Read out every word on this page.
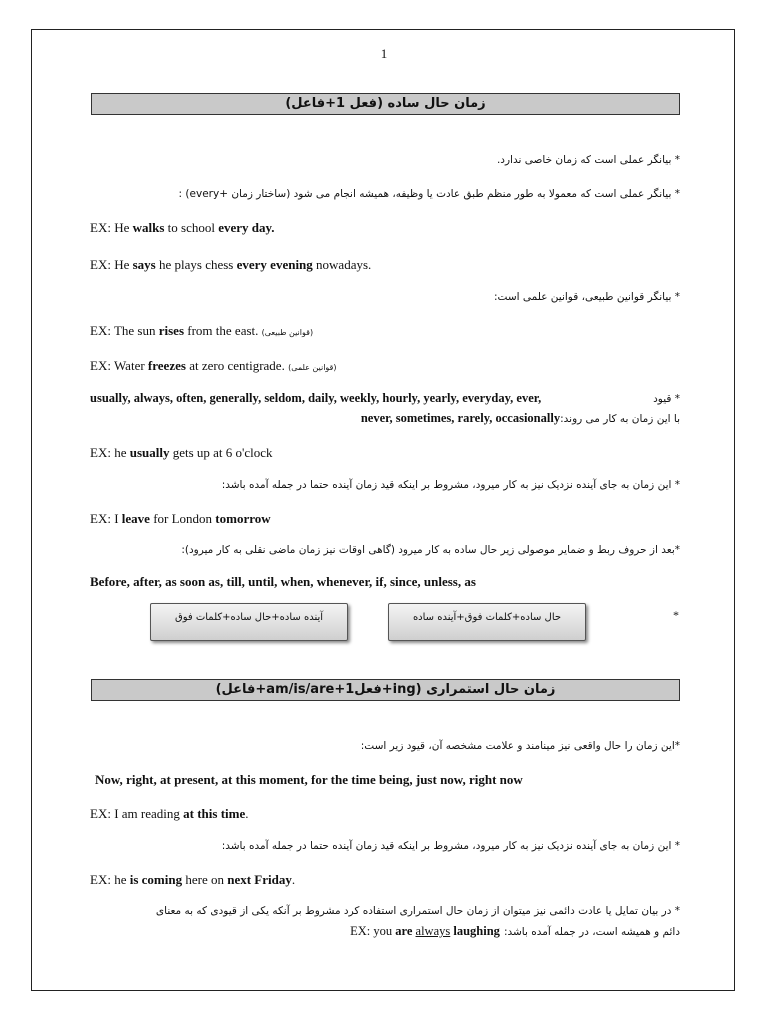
1
زمان حال ساده (فعل 1+فاعل)
* بیانگر عملی است که زمان خاصی ندارد.
* بیانگر عملی است که معمولا به طور منظم طبق عادت یا وظیفه، همیشه انجام می شود (ساختار زمان +every) :
EX: He walks to school every day.
EX: He says he plays chess every evening nowadays.
* بیانگر قوانین طبیعی، قوانین علمی است:
EX: The sun rises from the east. (قوانین طبیعی)
EX: Water freezes at zero centigrade. (قوانین علمی)
usually, always, often, generally, seldom, daily, weekly, hourly, yearly, everyday, ever,	* قیود
با این زمان به کار می روند:never, sometimes, rarely, occasionally
EX: he usually gets up at 6 o'clock
* این زمان به جای آینده نزدیک نیز به کار میرود، مشروط بر اینکه قید زمان آینده حتما در جمله آمده باشد:
EX: I leave for London tomorrow
*بعد از حروف ربط و ضمایر موصولی زیر حال ساده به کار میرود (گاهی اوقات نیز زمان ماضی نقلی به کار میرود):
Before, after, as soon as, till, until, when, whenever, if, since, unless, as
*
آینده ساده+حال ساده+کلمات فوق	حال ساده+کلمات فوق+آینده ساده
زمان حال استمراری (ing+فعل1+am/is/are+فاعل)
*این زمان را حال واقعی نیز مینامند و علامت مشخصه آن، قیود زیر است:
Now, right, at present, at this moment, for the time being, just now, right now
EX: I am reading at this time.
* این زمان به جای آینده نزدیک نیز به کار میرود، مشروط بر اینکه قید زمان آینده حتما در جمله آمده باشد:
EX: he is coming here on next Friday.
* در بیان تمایل یا عادت دائمی نیز میتوان از زمان حال استمراری استفاده کرد مشروط بر آنکه یکی از قیودی که به معنای
دائم و همیشه است، در جمله آمده باشد: EX: you are always laughing
